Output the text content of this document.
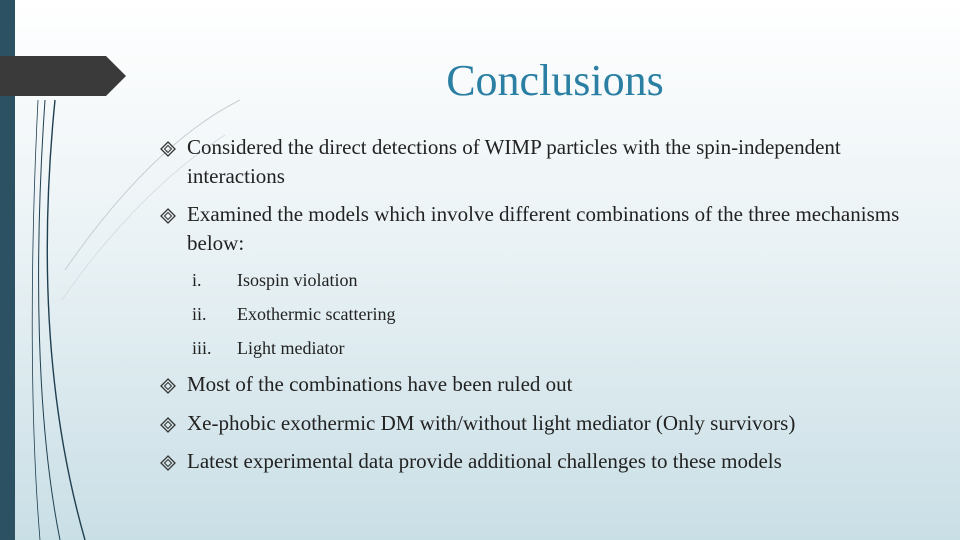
Conclusions
Considered the direct detections of WIMP particles with the spin-independent interactions
Examined the models which involve different combinations of the three mechanisms below:
i. Isospin violation
ii. Exothermic scattering
iii. Light mediator
Most of the combinations have been ruled out
Xe-phobic exothermic DM with/without light mediator (Only survivors)
Latest experimental data provide additional challenges to these models
